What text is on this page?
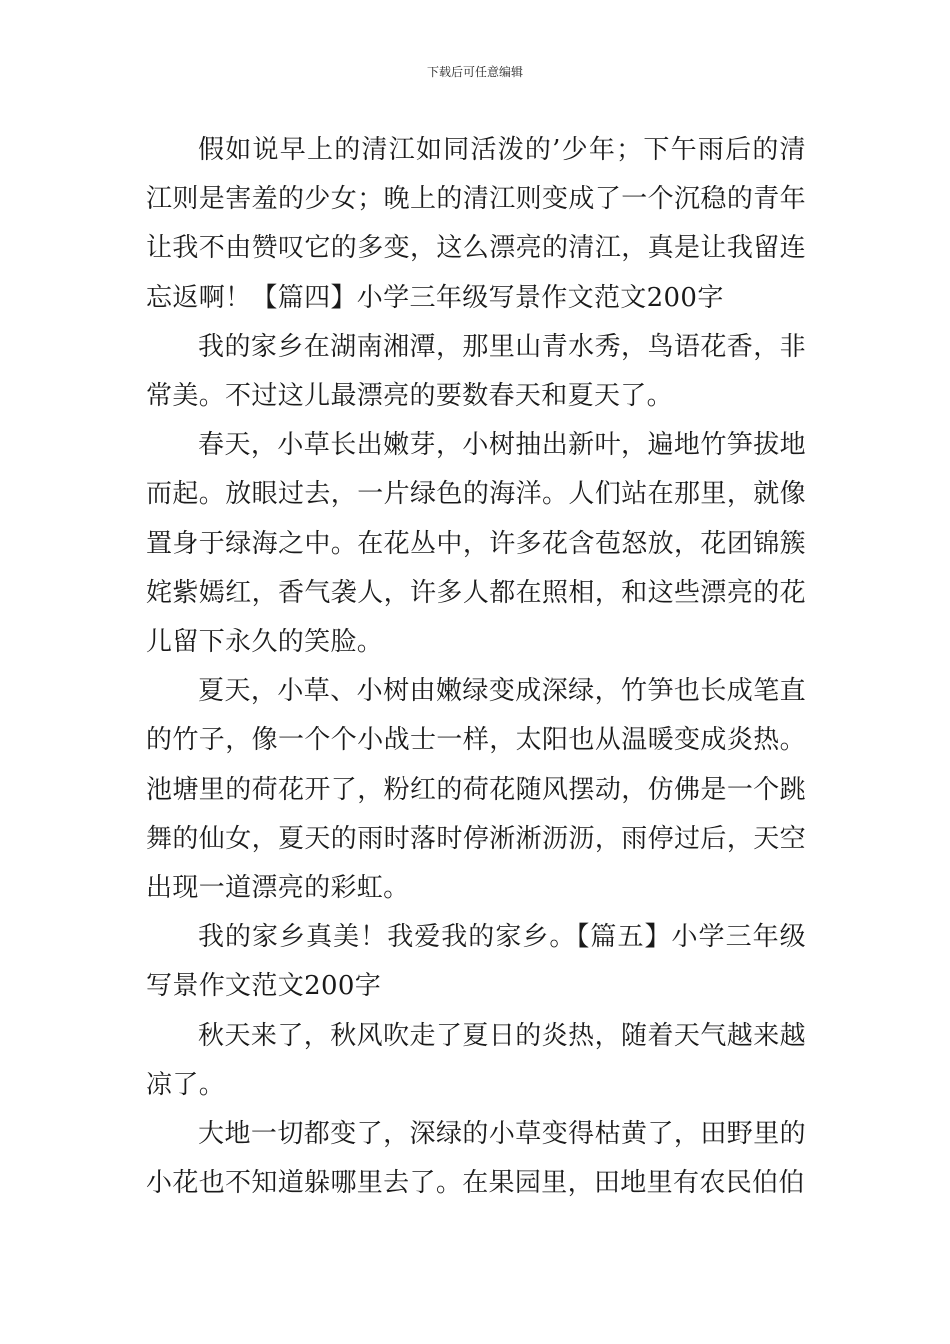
下载后可任意编辑

假如说早上的清江如同活泼的’少年；下午雨后的清江则是害羞的少女；晚上的清江则变成了一个沉稳的青年让我不由赞叹它的多变，这么漂亮的清江，真是让我留连忘返啊！【篇四】小学三年级写景作文范文200字

我的家乡在湖南湘潭，那里山青水秀，鸟语花香，非常美。不过这儿最漂亮的要数春天和夏天了。

春天，小草长出嫩芽，小树抽出新叶，遍地竹笋拔地而起。放眼过去，一片绿色的海洋。人们站在那里，就像置身于绿海之中。在花丛中，许多花含苞怒放，花团锦簇姹紫嫣红，香气袭人，许多人都在照相，和这些漂亮的花儿留下永久的笑脸。

夏天，小草、小树由嫩绿变成深绿，竹笋也长成笔直的竹子，像一个个小战士一样，太阳也从温暖变成炎热。池塘里的荷花开了，粉红的荷花随风摆动，仿佛是一个跳舞的仙女，夏天的雨时落时停淅淅沥沥，雨停过后，天空出现一道漂亮的彩虹。

我的家乡真美！我爱我的家乡。【篇五】小学三年级写景作文范文200字

秋天来了，秋风吹走了夏日的炎热，随着天气越来越凉了。

大地一切都变了，深绿的小草变得枯黄了，田野里的小花也不知道躲哪里去了。在果园里，田地里有农民伯伯
